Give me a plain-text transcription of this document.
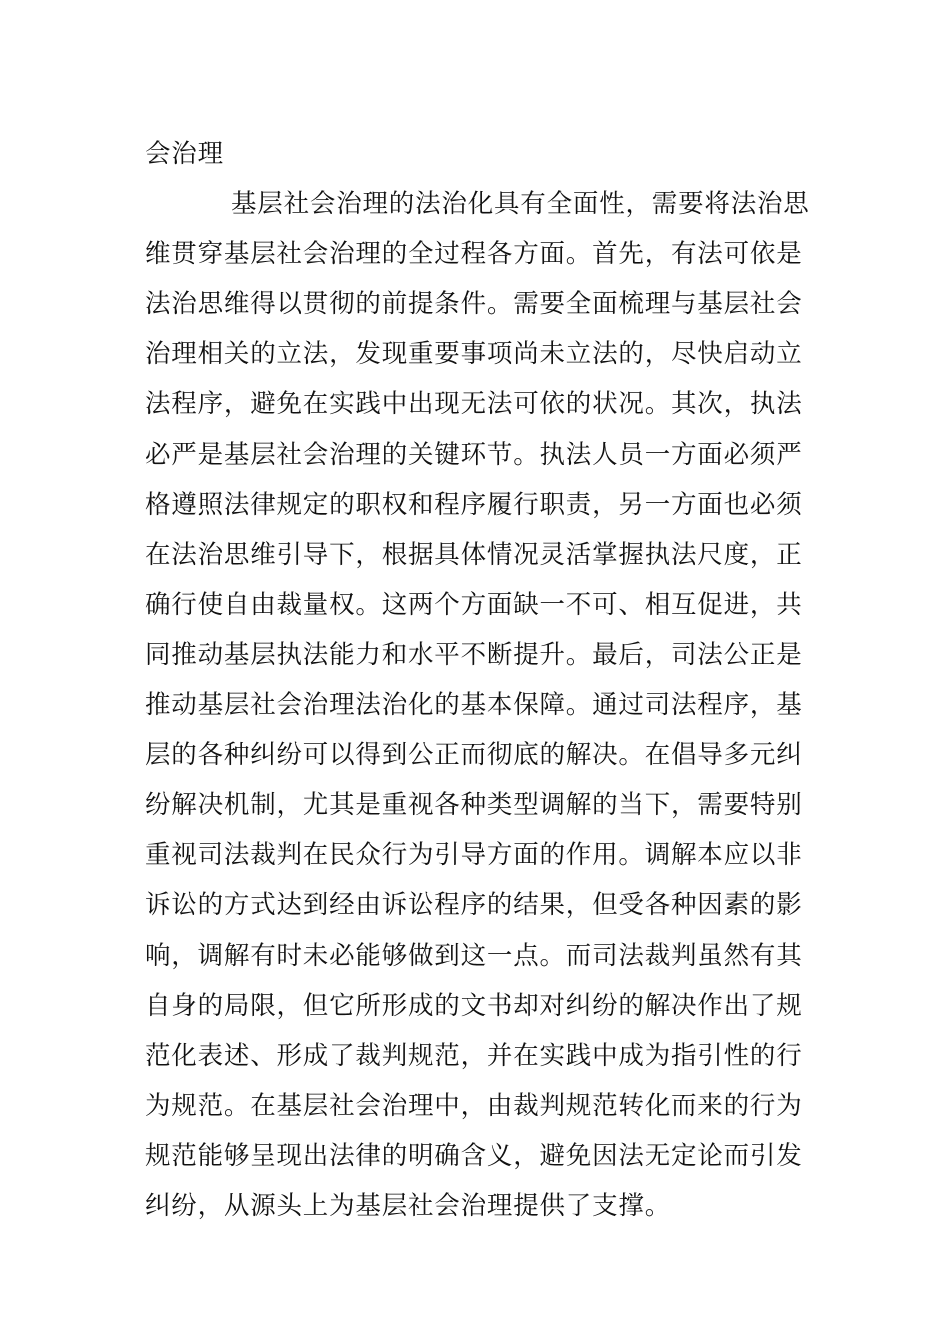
会治理
基层社会治理的法治化具有全面性，需要将法治思
维贯穿基层社会治理的全过程各方面。首先，有法可依是
法治思维得以贯彻的前提条件。需要全面梳理与基层社会
治理相关的立法，发现重要事项尚未立法的，尽快启动立
法程序，避免在实践中出现无法可依的状况。其次，执法
必严是基层社会治理的关键环节。执法人员一方面必须严
格遵照法律规定的职权和程序履行职责，另一方面也必须
在法治思维引导下，根据具体情况灵活掌握执法尺度，正
确行使自由裁量权。这两个方面缺一不可、相互促进，共
同推动基层执法能力和水平不断提升。最后，司法公正是
推动基层社会治理法治化的基本保障。通过司法程序，基
层的各种纠纷可以得到公正而彻底的解决。在倡导多元纠
纷解决机制，尤其是重视各种类型调解的当下，需要特别
重视司法裁判在民众行为引导方面的作用。调解本应以非
诉讼的方式达到经由诉讼程序的结果，但受各种因素的影
响，调解有时未必能够做到这一点。而司法裁判虽然有其
自身的局限，但它所形成的文书却对纠纷的解决作出了规
范化表述、形成了裁判规范，并在实践中成为指引性的行
为规范。在基层社会治理中，由裁判规范转化而来的行为
规范能够呈现出法律的明确含义，避免因法无定论而引发
纠纷，从源头上为基层社会治理提供了支撑。
